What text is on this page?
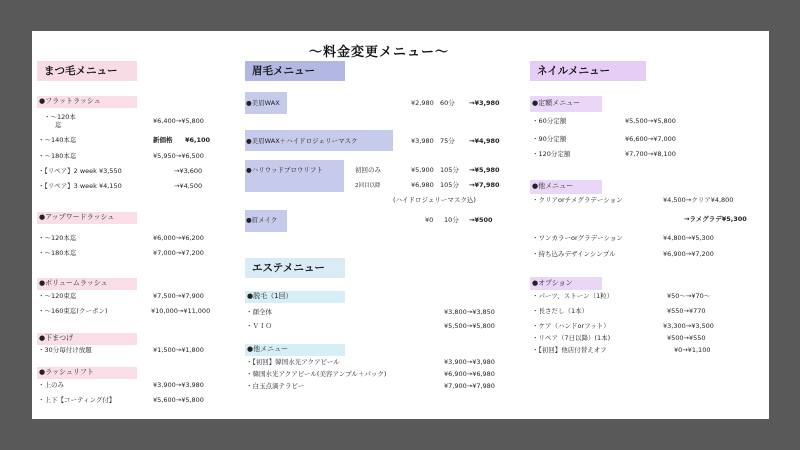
～料金変更メニュー～
まつ毛メニュー
●フラットラッシュ
・～120本
迄	¥6,400→¥5,800
・～140本迄	新価格 ¥6,100
・～180本迄	¥5,950→¥6,500
・【リペア】2 week ¥3,550	→¥3,600
・【リペア】3 week ¥4,150	→¥4,500
●アップワードラッシュ
・～120本迄	¥6,000→¥6,200
・～180本迄	¥7,000→¥7,200
●ボリュームラッシュ
・～120束迄	¥7,500→¥7,900
・～160束迄(クーポン)	¥10,000→¥11,000
●下まつげ
・30分毎付け放題	¥1,500→¥1,800
●ラッシュリフト
・上のみ	¥3,900→¥3,980
・上下【コーティング付】	¥5,600→¥5,800
眉毛メニュー
●美眉WAX	¥2,980 60分 →¥3,980
●美眉WAX＋ハイドロジェリーマスク	¥3,980 75分 →¥4,980
●ハリウッドブロウリフト	初回のみ	¥5,900 105分 →¥5,980
2回目以降	¥6,980 105分 →¥7,980
(ハイドロジェリーマスク込)
●眉メイク	¥0 10分 →¥500
エステメニュー
●脱毛（1回）
・顔全体	¥3,800→¥3,850
・ＶＩＯ	¥5,500→¥5,800
●他メニュー
・【初回】韓国水光アクアピール	¥3,900→¥3,980
・韓国水光アクアピール(美容アンプル＋パック)	¥6,900→¥6,980
・白玉点滴テラピー	¥7,900→¥7,980
ネイルメニュー
●定額メニュー
・60分定額	¥5,500→¥5,800
・90分定額	¥6,600→¥7,000
・120分定額	¥7,700→¥8,100
●他メニュー
・クリアorチメグラデーション	¥4,500→クリア¥4,800
→ラメグラデ¥5,300
・ワンカラーorグラデーション	¥4,800→¥5,300
・持ち込みデザインシンプル	¥6,900→¥7,200
●オプション
・パーツ、ストーン（1粒）	¥50～→¥70～
・長さだし（1本）	¥550→¥770
・ケア（ハンドorフット）	¥3,300→¥3,500
・リペア（7日以降）(1本)	¥500→¥550
・【初回】他店付替えオフ	¥0→¥1,100
